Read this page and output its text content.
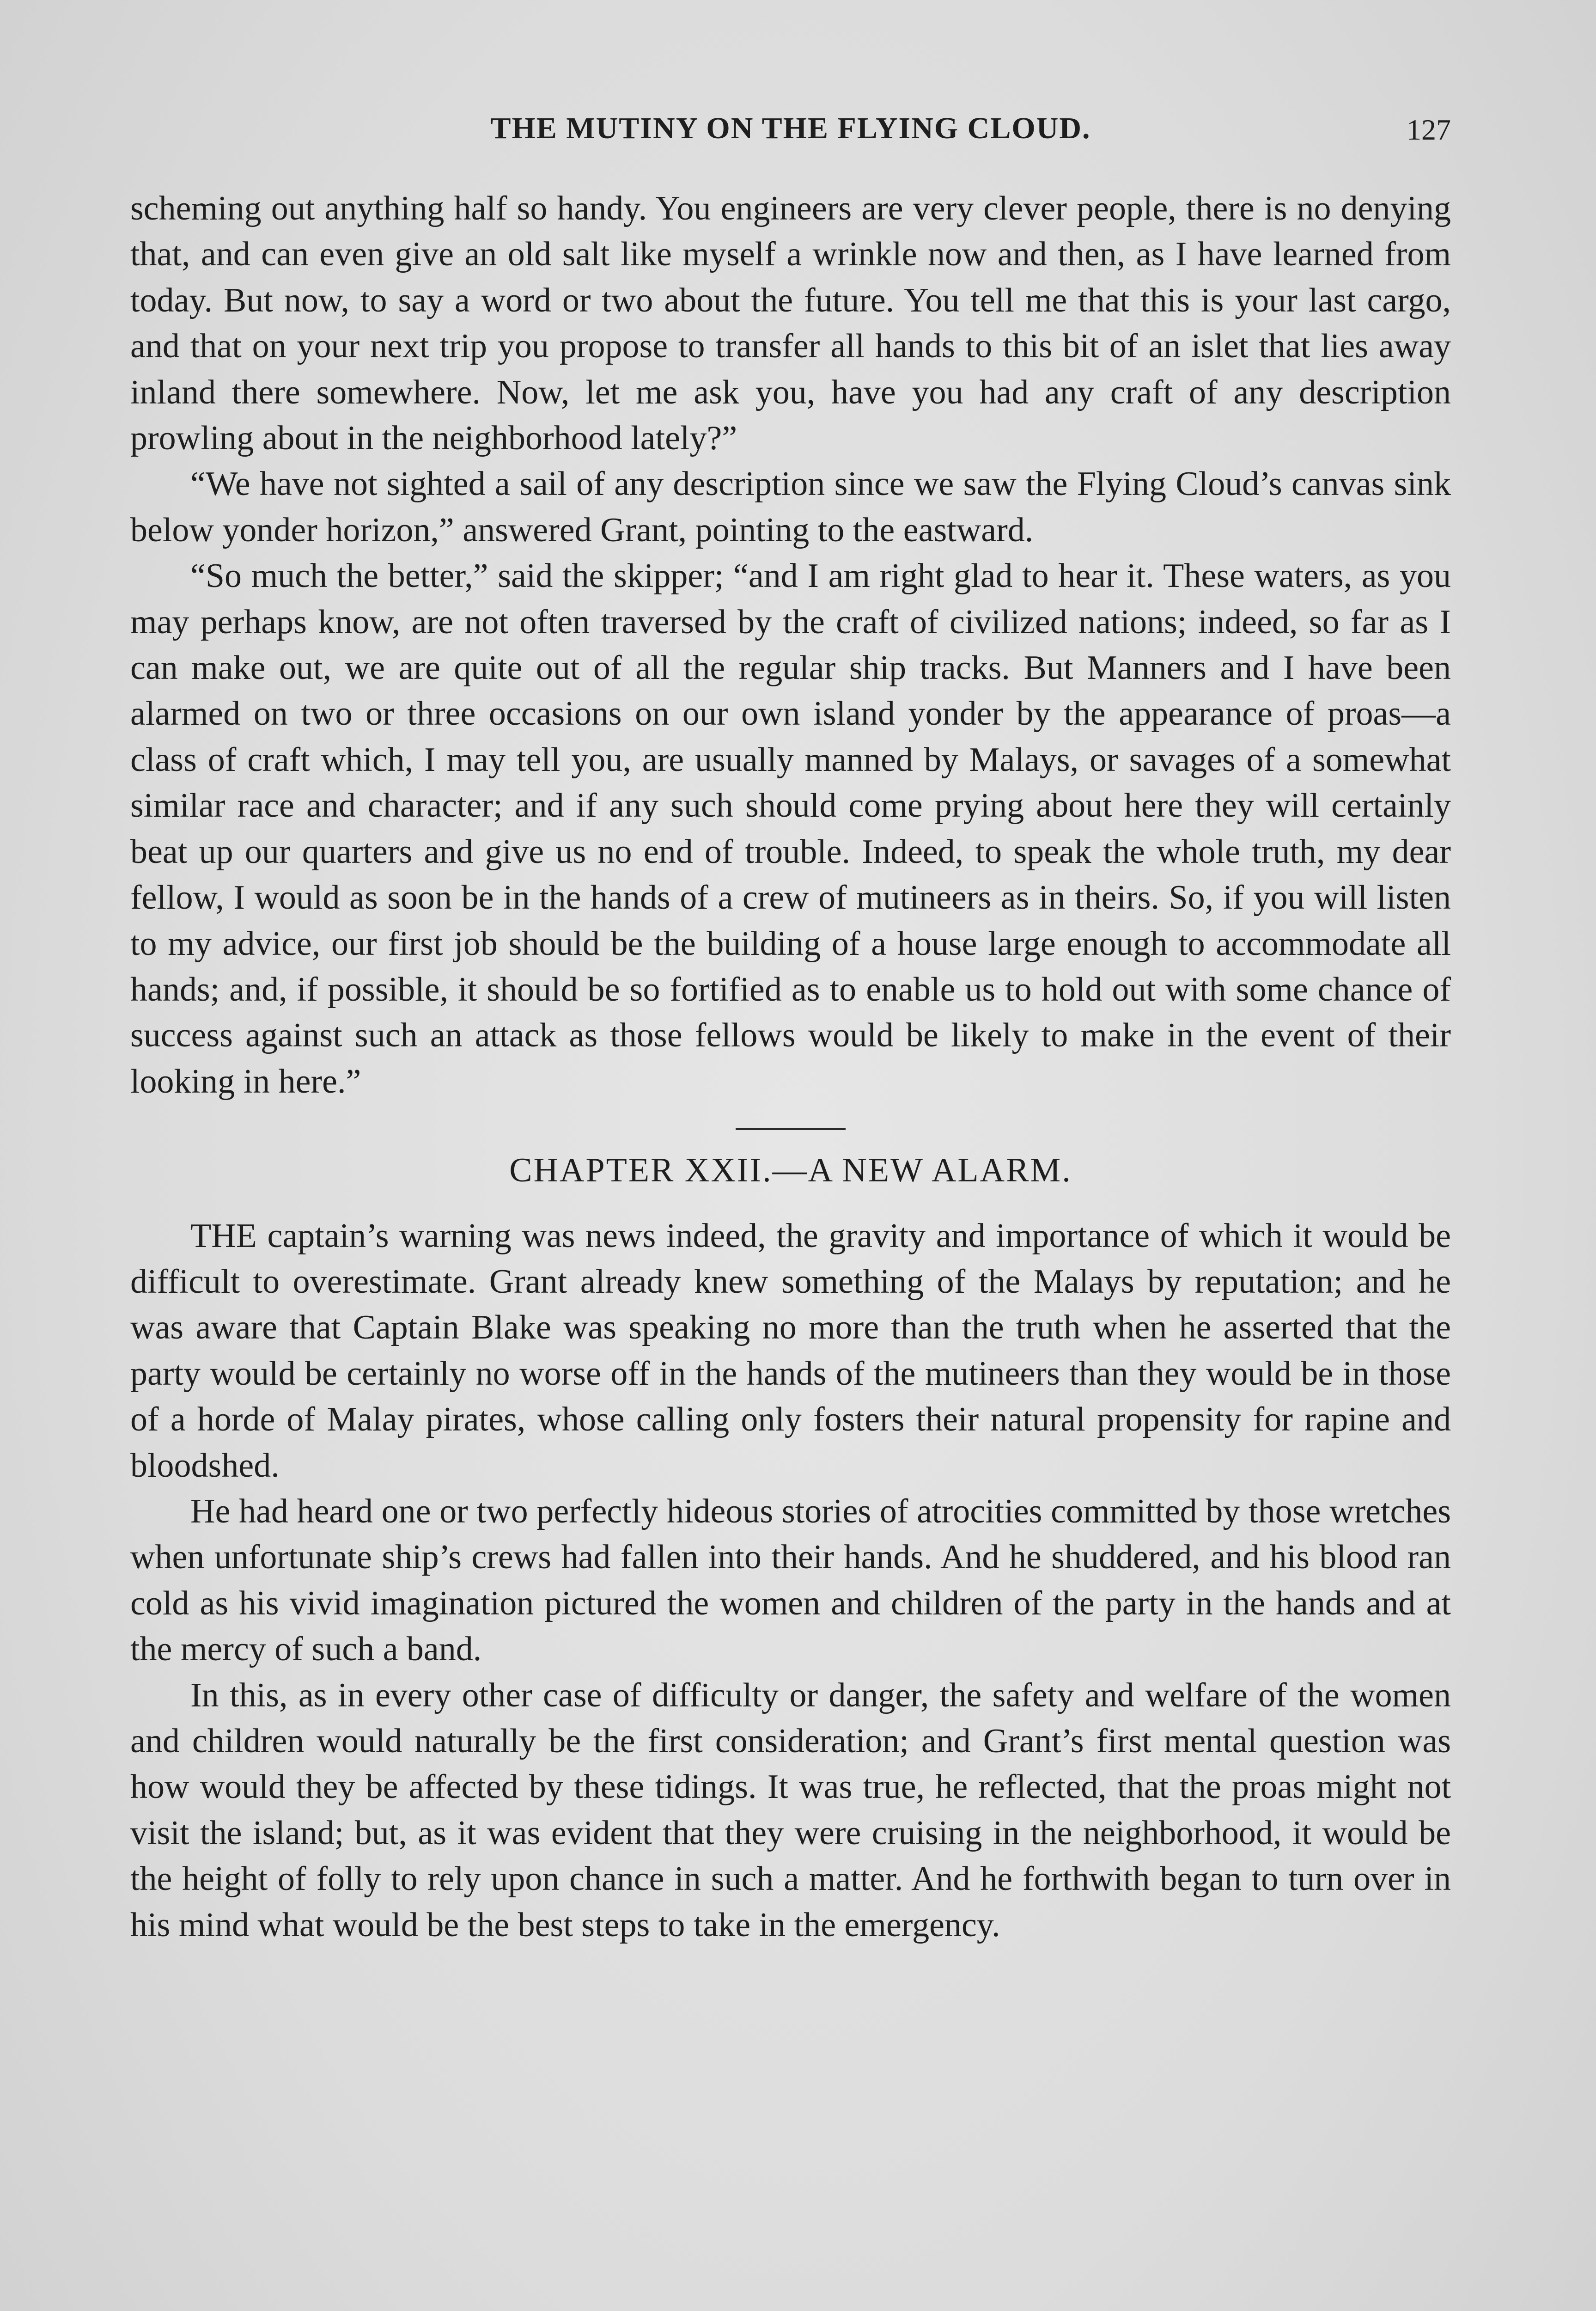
THE MUTINY ON THE FLYING CLOUD.	127

scheming out anything half so handy. You engineers are very clever people, there is no denying that, and can even give an old salt like myself a wrinkle now and then, as I have learned from today. But now, to say a word or two about the future. You tell me that this is your last cargo, and that on your next trip you propose to transfer all hands to this bit of an islet that lies away inland there somewhere. Now, let me ask you, have you had any craft of any description prowling about in the neighborhood lately?”

“We have not sighted a sail of any description since we saw the Flying Cloud’s canvas sink below yonder horizon,” answered Grant, pointing to the eastward.

“So much the better,” said the skipper; “and I am right glad to hear it. These waters, as you may perhaps know, are not often traversed by the craft of civilized nations; indeed, so far as I can make out, we are quite out of all the regular ship tracks. But Manners and I have been alarmed on two or three occasions on our own island yonder by the appearance of proas—a class of craft which, I may tell you, are usually manned by Malays, or savages of a somewhat similar race and character; and if any such should come prying about here they will certainly beat up our quarters and give us no end of trouble. Indeed, to speak the whole truth, my dear fellow, I would as soon be in the hands of a crew of mutineers as in theirs. So, if you will listen to my advice, our first job should be the building of a house large enough to accommodate all hands; and, if possible, it should be so fortified as to enable us to hold out with some chance of success against such an attack as those fellows would be likely to make in the event of their looking in here.”

CHAPTER XXII.—A NEW ALARM.

THE captain’s warning was news indeed, the gravity and importance of which it would be difficult to overestimate. Grant already knew something of the Malays by reputation; and he was aware that Captain Blake was speaking no more than the truth when he asserted that the party would be certainly no worse off in the hands of the mutineers than they would be in those of a horde of Malay pirates, whose calling only fosters their natural propensity for rapine and bloodshed.

He had heard one or two perfectly hideous stories of atrocities committed by those wretches when unfortunate ship’s crews had fallen into their hands. And he shuddered, and his blood ran cold as his vivid imagination pictured the women and children of the party in the hands and at the mercy of such a band.

In this, as in every other case of difficulty or danger, the safety and welfare of the women and children would naturally be the first consideration; and Grant’s first mental question was how would they be affected by these tidings. It was true, he reflected, that the proas might not visit the island; but, as it was evident that they were cruising in the neighborhood, it would be the height of folly to rely upon chance in such a matter. And he forthwith began to turn over in his mind what would be the best steps to take in the emergency.
